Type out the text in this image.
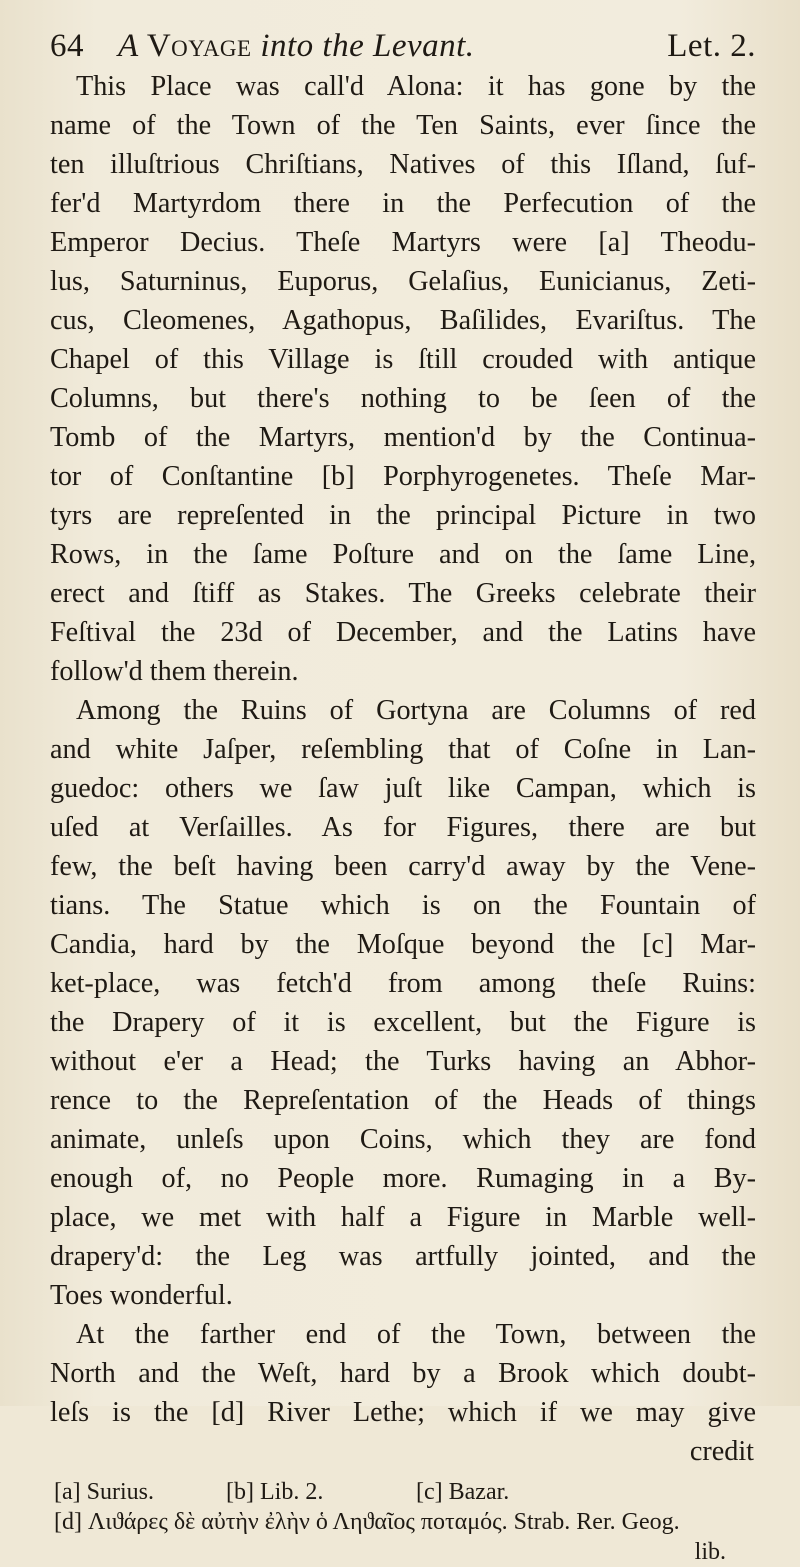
64	A Voyage into the Levant.	Let. 2.

This Place was call'd Alona: it has gone by the
name of the Town of the Ten Saints, ever ſince the
ten illuſtrious Chriſtians, Natives of this Iſland, ſuf-
fer'd Martyrdom there in the Perfecution of the
Emperor Decius. Theſe Martyrs were [a] Theodu-
lus, Saturninus, Euporus, Gelaſius, Eunicianus, Zeti-
cus, Cleomenes, Agathopus, Baſilides, Evariſtus. The
Chapel of this Village is ſtill crouded with antique
Columns, but there's nothing to be ſeen of the
Tomb of the Martyrs, mention'd by the Continua-
tor of Conſtantine [b] Porphyrogenetes. Theſe Mar-
tyrs are repreſented in the principal Picture in two
Rows, in the ſame Poſture and on the ſame Line,
erect and ſtiff as Stakes. The Greeks celebrate their
Feſtival the 23d of December, and the Latins have
follow'd them therein.

Among the Ruins of Gortyna are Columns of red
and white Jaſper, reſembling that of Coſne in Lan-
guedoc: others we ſaw juſt like Campan, which is
uſed at Verſailles. As for Figures, there are but
few, the beſt having been carry'd away by the Vene-
tians. The Statue which is on the Fountain of
Candia, hard by the Moſque beyond the [c] Mar-
ket-place, was fetch'd from among theſe Ruins:
the Drapery of it is excellent, but the Figure is
without e'er a Head; the Turks having an Abhor-
rence to the Repreſentation of the Heads of things
animate, unleſs upon Coins, which they are fond
enough of, no People more. Rumaging in a By-
place, we met with half a Figure in Marble well-
drapery'd: the Leg was artfully jointed, and the
Toes wonderful.

At the farther end of the Town, between the
North and the Weſt, hard by a Brook which doubt-
leſs is the [d] River Lethe; which if we may give

credit
[a] Surius.	[b] Lib. 2.	[c] Bazar.
[d] Λιϑάρες δὲ αὐτὴν ἐλὴν ὁ Ληϑαῖος ποταμός. Strab. Rer. Geog.
lib.
